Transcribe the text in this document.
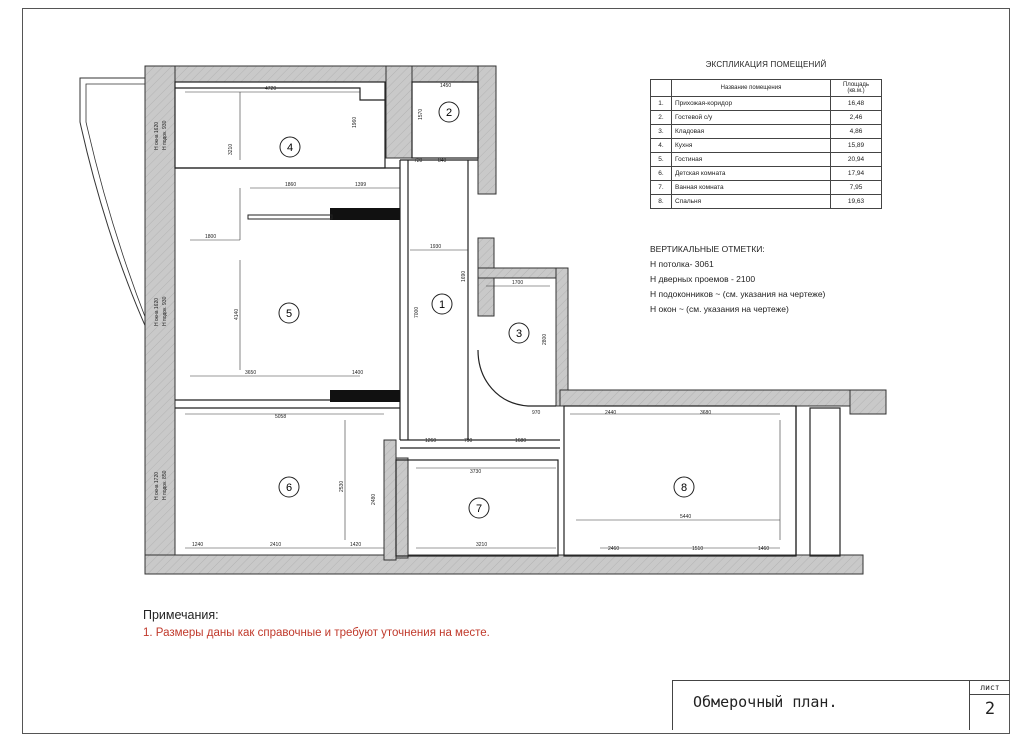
1
2
3
4
5
6
7
8
4720	1450
3210
1960
1570
1860	1399
1800
720	840
1930
4140
3650	1400
1700
2800
7000
1690
5058
1260	790	1680
3730
970	2440	3680
2530
2480
5440
1240	2410	1420	3210
2460	1510	1460
Н окна 1620 Н подок. 930
Н окна 1620 Н подок. 930
Н окна 1720 Н подок. 850
ЭКСПЛИКАЦИЯ ПОМЕЩЕНИЙ
	Название помещения	Площадь (кв.м.)
1.	Прихожая-коридор	16,48
2.	Гостевой с/у	2,46
3.	Кладовая	4,86
4.	Кухня	15,89
5.	Гостиная	20,94
6.	Детская комната	17,94
7.	Ванная комната	7,95
8.	Спальня	19,63
ВЕРТИКАЛЬНЫЕ ОТМЕТКИ:
Н потолка- 3061
Н дверных проемов - 2100
Н подоконников ~ (см. указания на чертеже)
Н окон ~ (см. указания на чертеже)
Примечания:
1. Размеры даны как справочные и требуют уточнения на месте.
Обмерочный план.
лист
2
